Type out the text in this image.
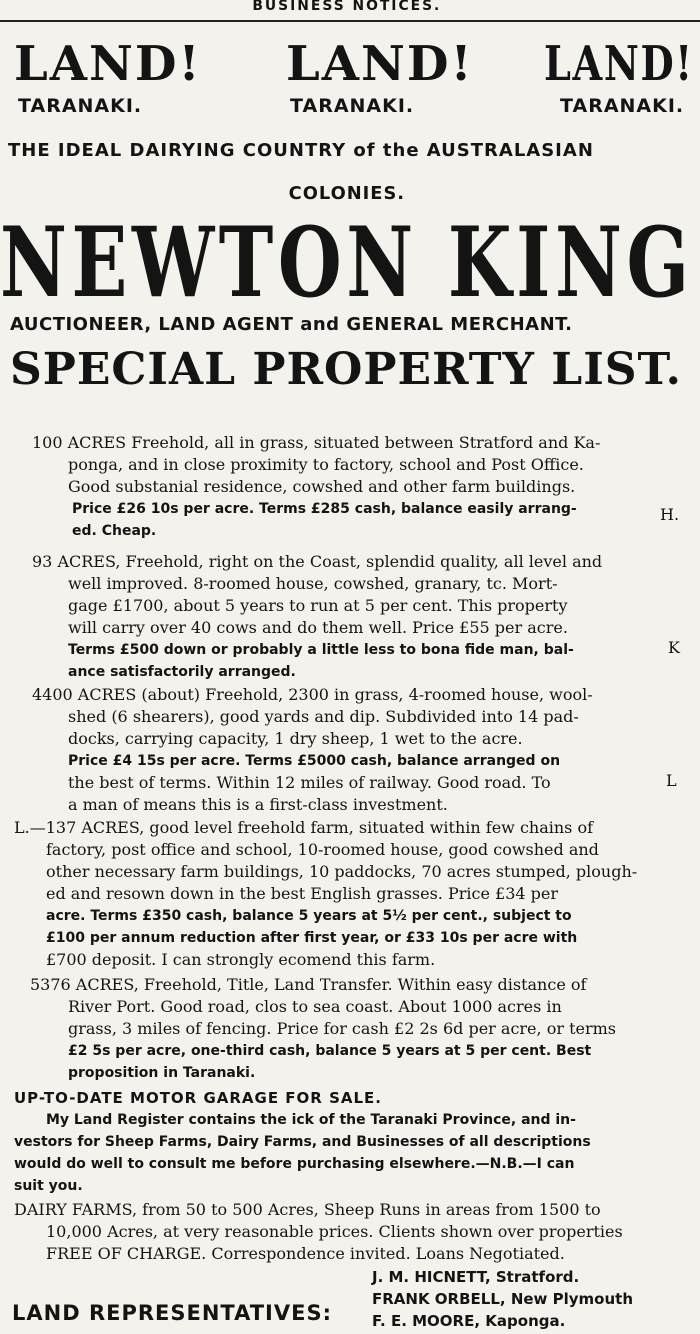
BUSINESS NOTICES.
LAND! LAND! LAND!
TARANAKI.	TARANAKI.	TARANAKI.
THE IDEAL DAIRYING COUNTRY of the AUSTRALASIAN
COLONIES.
NEWTON KING
AUCTIONEER, LAND AGENT and GENERAL MERCHANT.
SPECIAL PROPERTY LIST.
100 ACRES Freehold, all in grass, situated between Stratford and Ka-
ponga, and in close proximity to factory, school and Post Office.
Good substanial residence, cowshed and other farm buildings.
Price £26 10s per acre. Terms £285 cash, balance easily arrang-
ed. Cheap.
H.
93 ACRES, Freehold, right on the Coast, splendid quality, all level and
well improved. 8-roomed house, cowshed, granary, tc. Mort-
gage £1700, about 5 years to run at 5 per cent. This property
will carry over 40 cows and do them well. Price £55 per acre.
Terms £500 down or probably a little less to bona fide man, bal-
ance satisfactorily arranged.
K
4400 ACRES (about) Freehold, 2300 in grass, 4-roomed house, wool-
shed (6 shearers), good yards and dip. Subdivided into 14 pad-
docks, carrying capacity, 1 dry sheep, 1 wet to the acre.
Price £4 15s per acre. Terms £5000 cash, balance arranged on
the best of terms. Within 12 miles of railway. Good road. To
a man of means this is a first-class investment.
L
L.—137 ACRES, good level freehold farm, situated within few chains of
factory, post office and school, 10-roomed house, good cowshed and
other necessary farm buildings, 10 paddocks, 70 acres stumped, plough-
ed and resown down in the best English grasses. Price £34 per
acre. Terms £350 cash, balance 5 years at 5½ per cent., subject to
£100 per annum reduction after first year, or £33 10s per acre with
£700 deposit. I can strongly ecomend this farm.
5376 ACRES, Freehold, Title, Land Transfer. Within easy distance of
River Port. Good road, clos to sea coast. About 1000 acres in
grass, 3 miles of fencing. Price for cash £2 2s 6d per acre, or terms
£2 5s per acre, one-third cash, balance 5 years at 5 per cent. Best
proposition in Taranaki.
UP-TO-DATE MOTOR GARAGE FOR SALE.
My Land Register contains the ick of the Taranaki Province, and in-
vestors for Sheep Farms, Dairy Farms, and Businesses of all descriptions
would do well to consult me before purchasing elsewhere.—N.B.—I can
suit you.
DAIRY FARMS, from 50 to 500 Acres, Sheep Runs in areas from 1500 to
10,000 Acres, at very reasonable prices. Clients shown over properties
FREE OF CHARGE. Correspondence invited. Loans Negotiated.
LAND REPRESENTATIVES:
J. M. HICNETT, Stratford.
FRANK ORBELL, New Plymouth
F. E. MOORE, Kaponga.
